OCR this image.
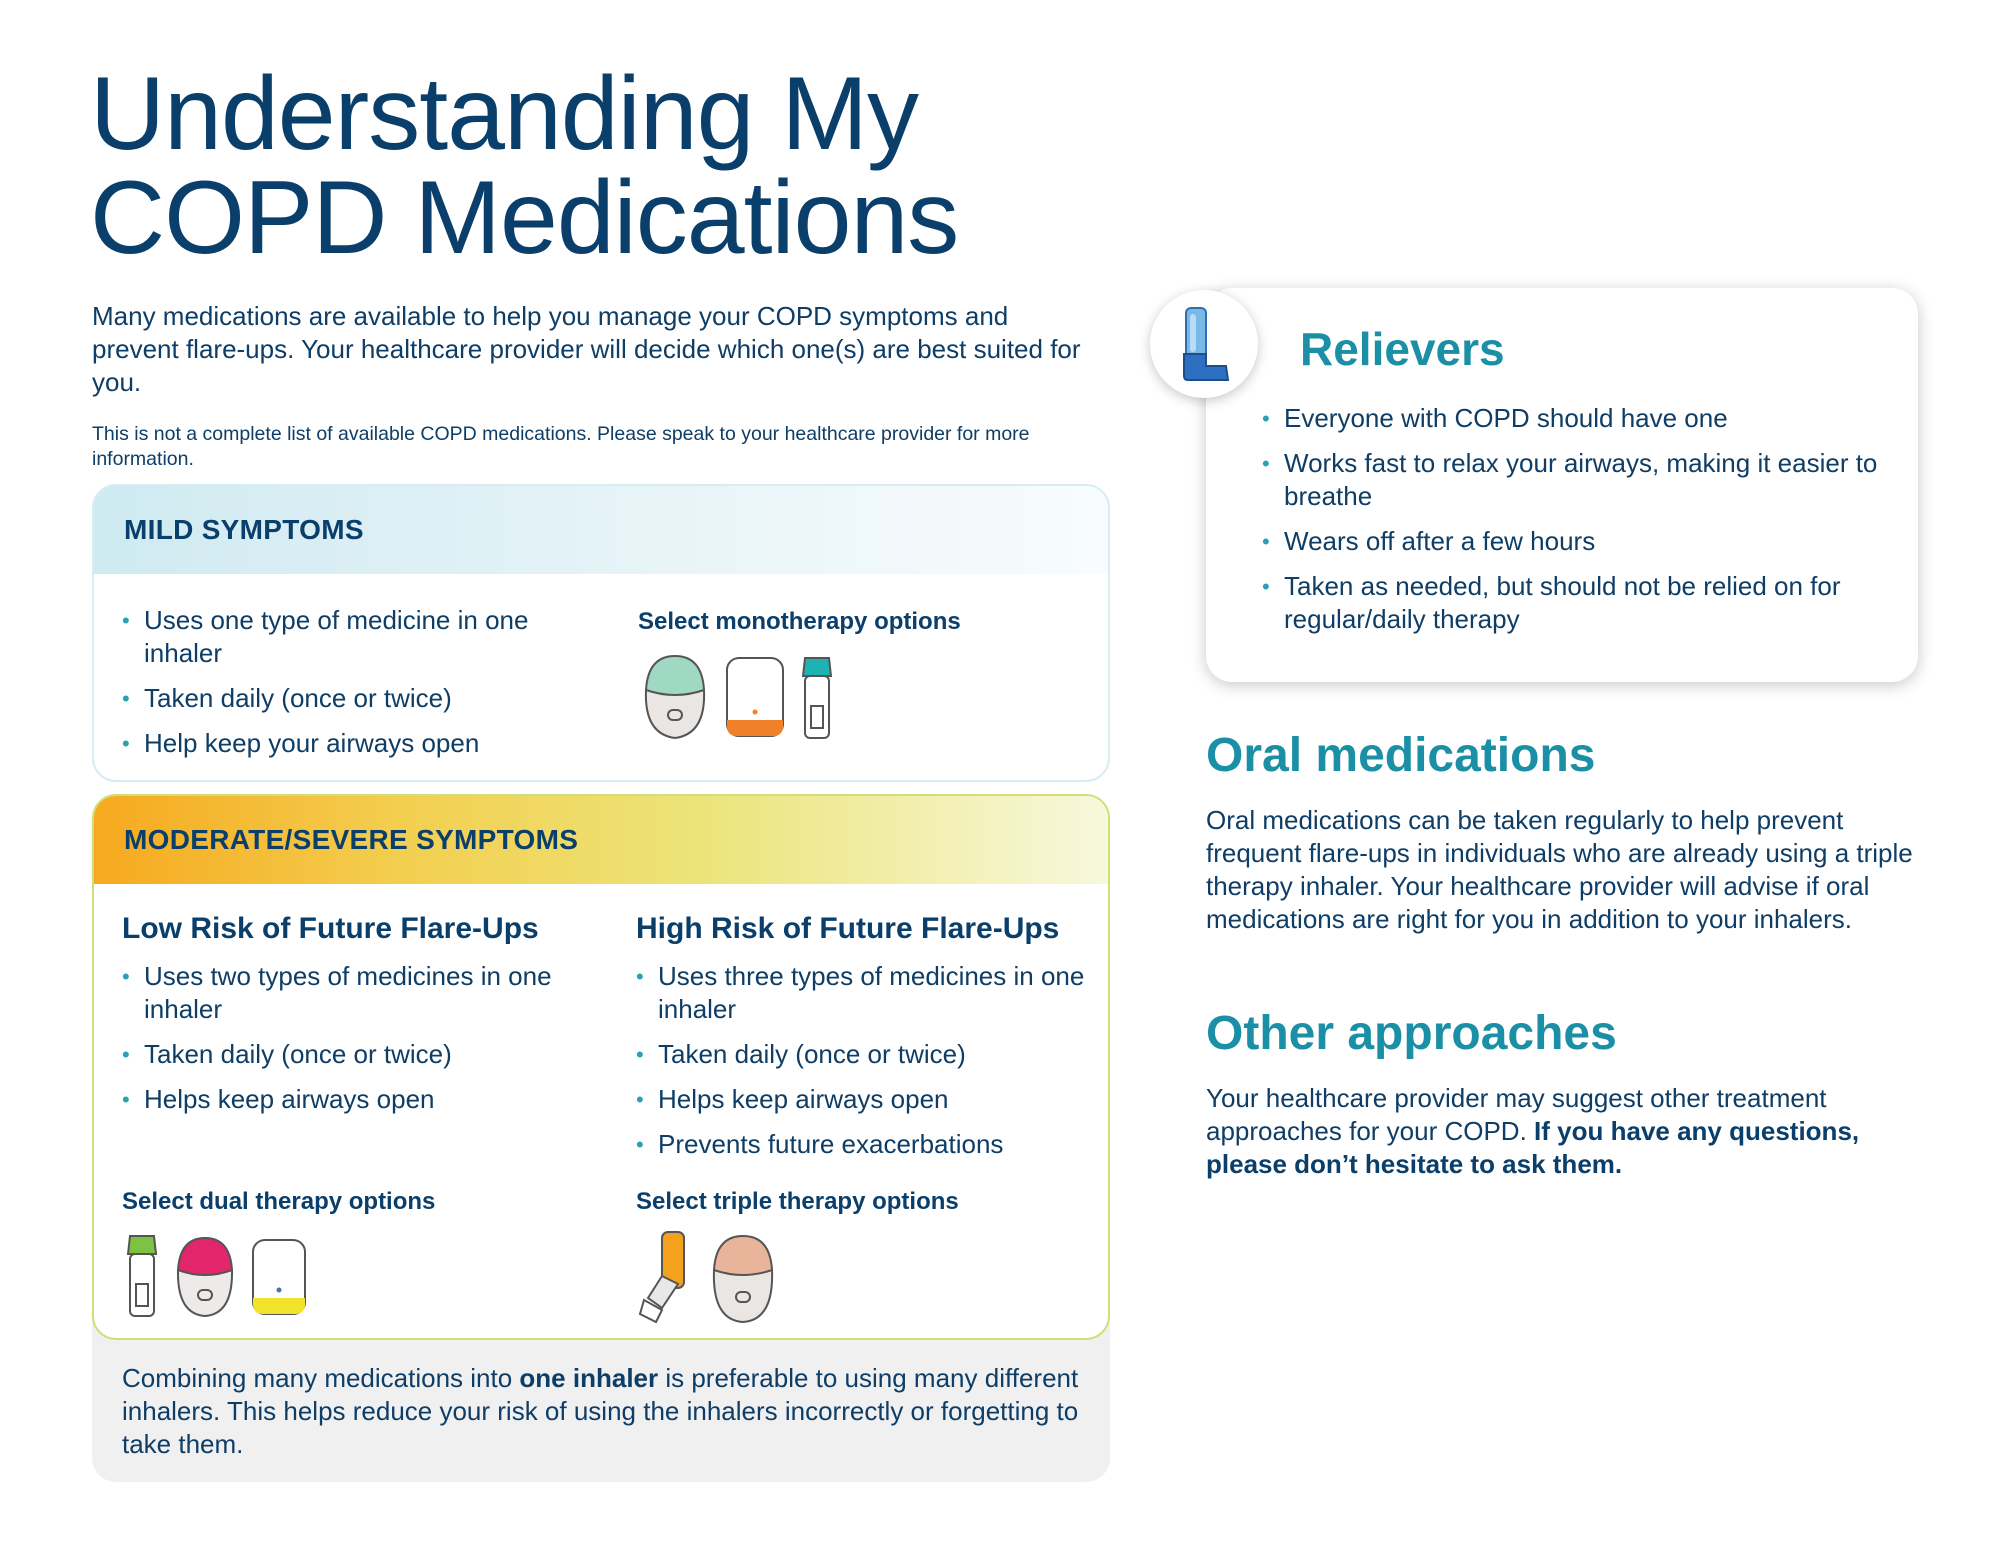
Understanding My
COPD Medications

Many medications are available to help you manage your COPD symptoms and prevent flare-ups. Your healthcare provider will decide which one(s) are best suited for you.

This is not a complete list of available COPD medications. Please speak to your healthcare provider for more information.

MILD SYMPTOMS
• Uses one type of medicine in one inhaler
• Taken daily (once or twice)
• Help keep your airways open
Select monotherapy options
MODERATE/SEVERE SYMPTOMS
Low Risk of Future Flare-Ups
• Uses two types of medicines in one inhaler
• Taken daily (once or twice)
• Helps keep airways open
High Risk of Future Flare-Ups
• Uses three types of medicines in one inhaler
• Taken daily (once or twice)
• Helps keep airways open
• Prevents future exacerbations
Select dual therapy options	Select triple therapy options
Combining many medications into one inhaler is preferable to using many different inhalers. This helps reduce your risk of using the inhalers incorrectly or forgetting to take them.
Relievers
• Everyone with COPD should have one
• Works fast to relax your airways, making it easier to breathe
• Wears off after a few hours
• Taken as needed, but should not be relied on for regular/daily therapy
Oral medications

Oral medications can be taken regularly to help prevent frequent flare-ups in individuals who are already using a triple therapy inhaler. Your healthcare provider will advise if oral medications are right for you in addition to your inhalers.

Other approaches

Your healthcare provider may suggest other treatment approaches for your COPD. If you have any questions, please don’t hesitate to ask them.
